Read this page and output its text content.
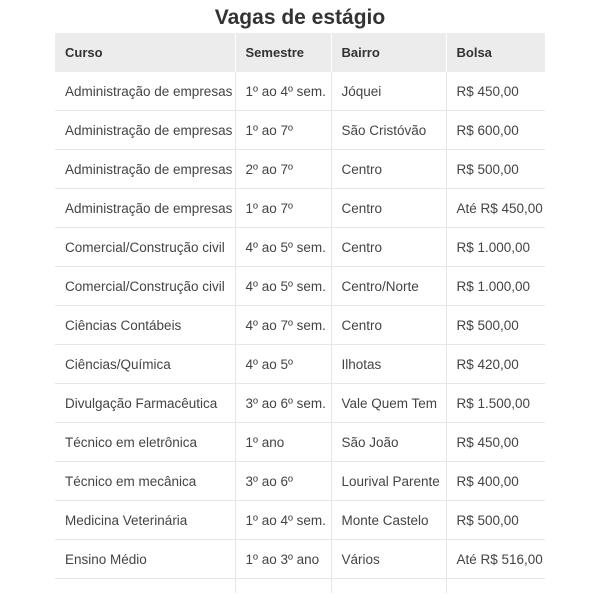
Vagas de estágio
Curso	Semestre	Bairro	Bolsa
Administração de empresas	1º ao 4º sem.	Jóquei	R$ 450,00
Administração de empresas	1º ao 7º	São Cristóvão	R$ 600,00
Administração de empresas	2º ao 7º	Centro	R$ 500,00
Administração de empresas	1º ao 7º	Centro	Até R$ 450,00
Comercial/Construção civil	4º ao 5º sem.	Centro	R$ 1.000,00
Comercial/Construção civil	4º ao 5º sem.	Centro/Norte	R$ 1.000,00
Ciências Contábeis	4º ao 7º sem.	Centro	R$ 500,00
Ciências/Química	4º ao 5º	Ilhotas	R$ 420,00
Divulgação Farmacêutica	3º ao 6º sem.	Vale Quem Tem	R$ 1.500,00
Técnico em eletrônica	1º ano	São João	R$ 450,00
Técnico em mecânica	3º ao 6º	Lourival Parente	R$ 400,00
Medicina Veterinária	1º ao 4º sem.	Monte Castelo	R$ 500,00
Ensino Médio	1º ao 3º ano	Vários	Até R$ 516,00
